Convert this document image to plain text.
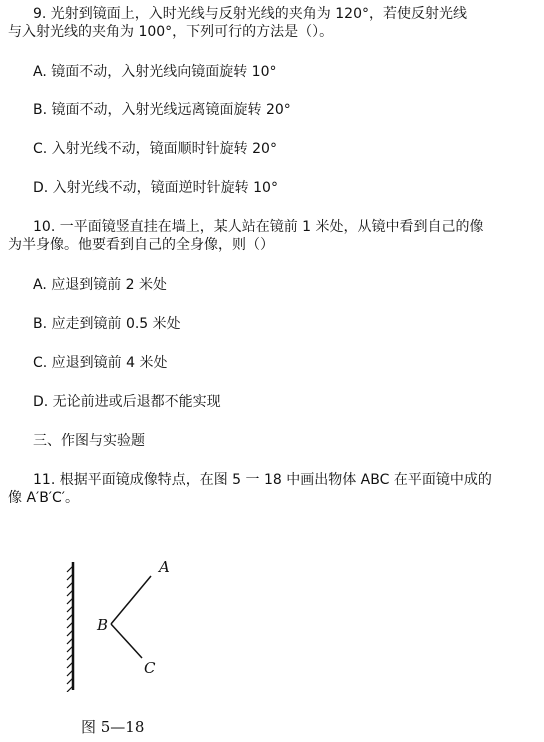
9. 光射到镜面上，入时光线与反射光线的夹角为 120°，若使反射光线
与入射光线的夹角为 100°，下列可行的方法是（）。
A. 镜面不动，入射光线向镜面旋转 10°
B. 镜面不动，入射光线远离镜面旋转 20°
C. 入射光线不动，镜面顺时针旋转 20°
D. 入射光线不动，镜面逆时针旋转 10°
10. 一平面镜竖直挂在墙上，某人站在镜前 1 米处，从镜中看到自己的像
为半身像。他要看到自己的全身像，则（）
A. 应退到镜前 2 米处
B. 应走到镜前 0.5 米处
C. 应退到镜前 4 米处
D. 无论前进或后退都不能实现
三、作图与实验题
11. 根据平面镜成像特点，在图 5 一 18 中画出物体 ABC 在平面镜中成的
像 A′B′C′。
A
B
C
图 5—18
